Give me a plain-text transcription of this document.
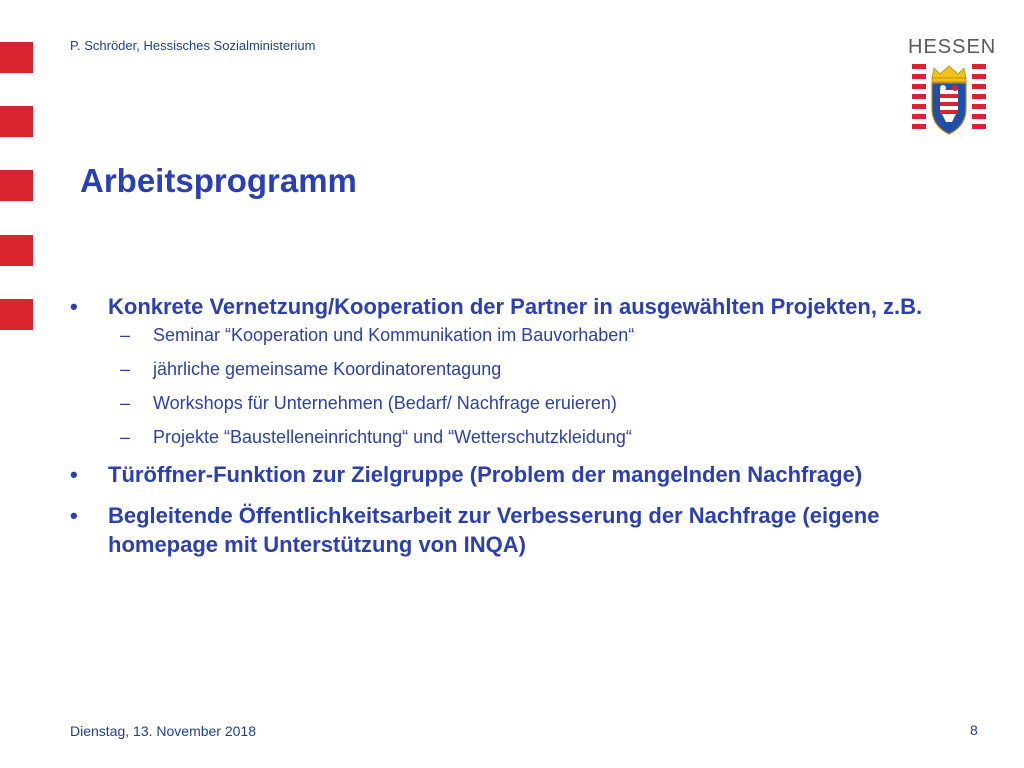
P. Schröder, Hessisches Sozialministerium	HESSEN
Arbeitsprogramm
• Konkrete Vernetzung/Kooperation der Partner in ausgewählten Projekten, z.B.
– Seminar “Kooperation und Kommunikation im Bauvorhaben“
– jährliche gemeinsame Koordinatorentagung
– Workshops für Unternehmen (Bedarf/ Nachfrage eruieren)
– Projekte “Baustelleneinrichtung“ und “Wetterschutzkleidung“
• Türöffner-Funktion zur Zielgruppe (Problem der mangelnden Nachfrage)
• Begleitende Öffentlichkeitsarbeit zur Verbesserung der Nachfrage (eigene homepage mit Unterstützung von INQA)
Dienstag, 13. November 2018	8
